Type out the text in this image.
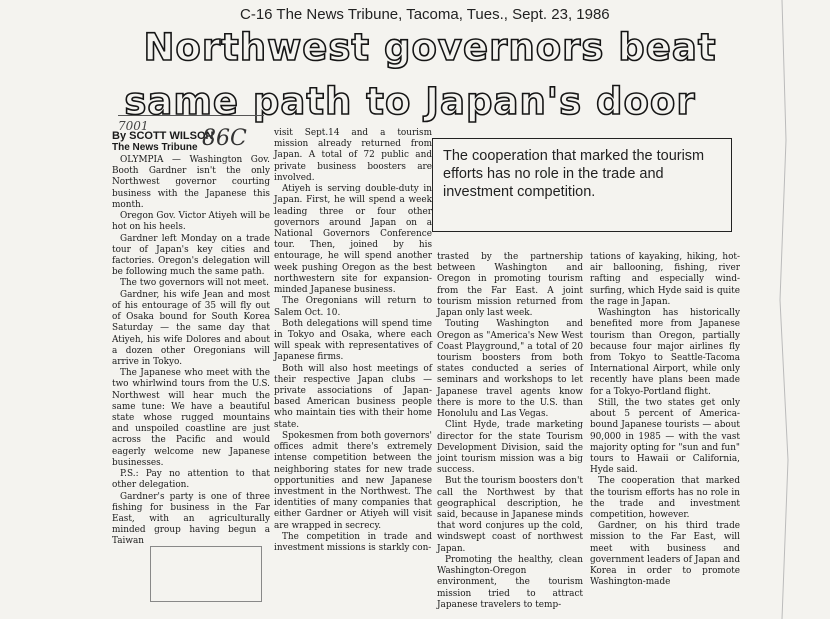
C-16 The News Tribune, Tacoma, Tues., Sept. 23, 1986
Northwest governors beat
same path to Japan's door
7001
By SCOTT WILSON
The News Tribune 86C
The cooperation that marked the tourism efforts has no role in the trade and investment competition.

OLYMPIA — Washington Gov. Booth Gardner isn't the only Northwest governor courting business with the Japanese this month.

Oregon Gov. Victor Atiyeh will be hot on his heels.

Gardner left Monday on a trade tour of Japan's key cities and factories. Oregon's delegation will be following much the same path.

The two governors will not meet.

Gardner, his wife Jean and most of his entourage of 35 will fly out of Osaka bound for South Korea Saturday — the same day that Atiyeh, his wife Dolores and about a dozen other Oregonians will arrive in Tokyo.

The Japanese who meet with the two whirlwind tours from the U.S. Northwest will hear much the same tune: We have a beautiful state whose rugged mountains and unspoiled coastline are just across the Pacific and would eagerly welcome new Japanese businesses.

P.S.: Pay no attention to that other delegation.

Gardner's party is one of three fishing for business in the Far East, with an agriculturally minded group having begun a Taiwan

visit Sept.14 and a tourism mission already returned from Japan. A total of 72 public and private business boosters are involved.

Atiyeh is serving double-duty in Japan. First, he will spend a week leading three or four other governors around Japan on a National Governors Conference tour. Then, joined by his entourage, he will spend another week pushing Oregon as the best northwestern site for expansion-minded Japanese business.

The Oregonians will return to Salem Oct. 10.

Both delegations will spend time in Tokyo and Osaka, where each will speak with representatives of Japanese firms.

Both will also host meetings of their respective Japan clubs — private associations of Japan-based American business people who maintain ties with their home state.

Spokesmen from both governors' offices admit there's extremely intense competition between the neighboring states for new trade opportunities and new Japanese investment in the Northwest. The identities of many companies that either Gardner or Atiyeh will visit are wrapped in secrecy.

The competition in trade and investment missions is starkly con-

trasted by the partnership between Washington and Oregon in promoting tourism from the Far East. A joint tourism mission returned from Japan only last week.

Touting Washington and Oregon as "America's New West Coast Playground," a total of 20 tourism boosters from both states conducted a series of seminars and workshops to let Japanese travel agents know there is more to the U.S. than Honolulu and Las Vegas.

Clint Hyde, trade marketing director for the state Tourism Development Division, said the joint tourism mission was a big success.

But the tourism boosters don't call the Northwest by that geographical description, he said, because in Japanese minds that word conjures up the cold, windswept coast of northwest Japan.

Promoting the healthy, clean Washington-Oregon environment, the tourism mission tried to attract Japanese travelers to temp-

tations of kayaking, hiking, hot-air ballooning, fishing, river rafting and especially wind-surfing, which Hyde said is quite the rage in Japan.

Washington has historically benefited more from Japanese tourism than Oregon, partially because four major airlines fly from Tokyo to Seattle-Tacoma International Airport, while only recently have plans been made for a Tokyo-Portland flight.

Still, the two states get only about 5 percent of America-bound Japanese tourists — about 90,000 in 1985 — with the vast majority opting for "sun and fun" tours to Hawaii or California, Hyde said.

The cooperation that marked the tourism efforts has no role in the trade and investment competition, however.

Gardner, on his third trade mission to the Far East, will meet with business and government leaders of Japan and Korea in order to promote Washington-made
